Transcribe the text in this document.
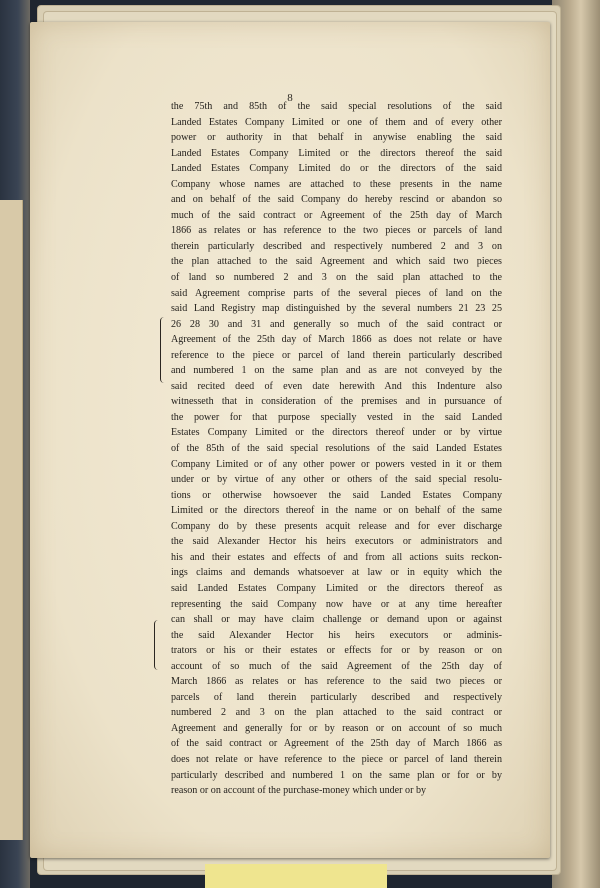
8
the 75th and 85th of the said special resolutions of the said
Landed Estates Company Limited or one of them and of every other
power or authority in that behalf in anywise enabling the said
Landed Estates Company Limited or the directors thereof the said
Landed Estates Company Limited do or the directors of the said
Company whose names are attached to these presents in the name
and on behalf of the said Company do hereby rescind or abandon so
much of the said contract or Agreement of the 25th day of March
1866 as relates or has reference to the two pieces or parcels of land
therein particularly described and respectively numbered 2 and 3 on
the plan attached to the said Agreement and which said two pieces
of land so numbered 2 and 3 on the said plan attached to the
said Agreement comprise parts of the several pieces of land on the
said Land Registry map distinguished by the several numbers 21 23 25
26 28 30 and 31 and generally so much of the said contract or
Agreement of the 25th day of March 1866 as does not relate or have
reference to the piece or parcel of land therein particularly described
and numbered 1 on the same plan and as are not conveyed by the
said recited deed of even date herewith And this Indenture also
witnesseth that in consideration of the premises and in pursuance of
the power for that purpose specially vested in the said Landed
Estates Company Limited or the directors thereof under or by virtue
of the 85th of the said special resolutions of the said Landed Estates
Company Limited or of any other power or powers vested in it or them
under or by virtue of any other or others of the said special resolu-
tions or otherwise howsoever the said Landed Estates Company
Limited or the directors thereof in the name or on behalf of the same
Company do by these presents acquit release and for ever discharge
the said Alexander Hector his heirs executors or administrators and
his and their estates and effects of and from all actions suits reckon-
ings claims and demands whatsoever at law or in equity which the
said Landed Estates Company Limited or the directors thereof as
representing the said Company now have or at any time hereafter
can shall or may have claim challenge or demand upon or against
the said Alexander Hector his heirs executors or adminis-
trators or his or their estates or effects for or by reason or on
account of so much of the said Agreement of the 25th day of
March 1866 as relates or has reference to the said two pieces or
parcels of land therein particularly described and respectively
numbered 2 and 3 on the plan attached to the said contract or
Agreement and generally for or by reason or on account of so much
of the said contract or Agreement of the 25th day of March 1866 as
does not relate or have reference to the piece or parcel of land therein
particularly described and numbered 1 on the same plan or for or by
reason or on account of the purchase-money which under or by
